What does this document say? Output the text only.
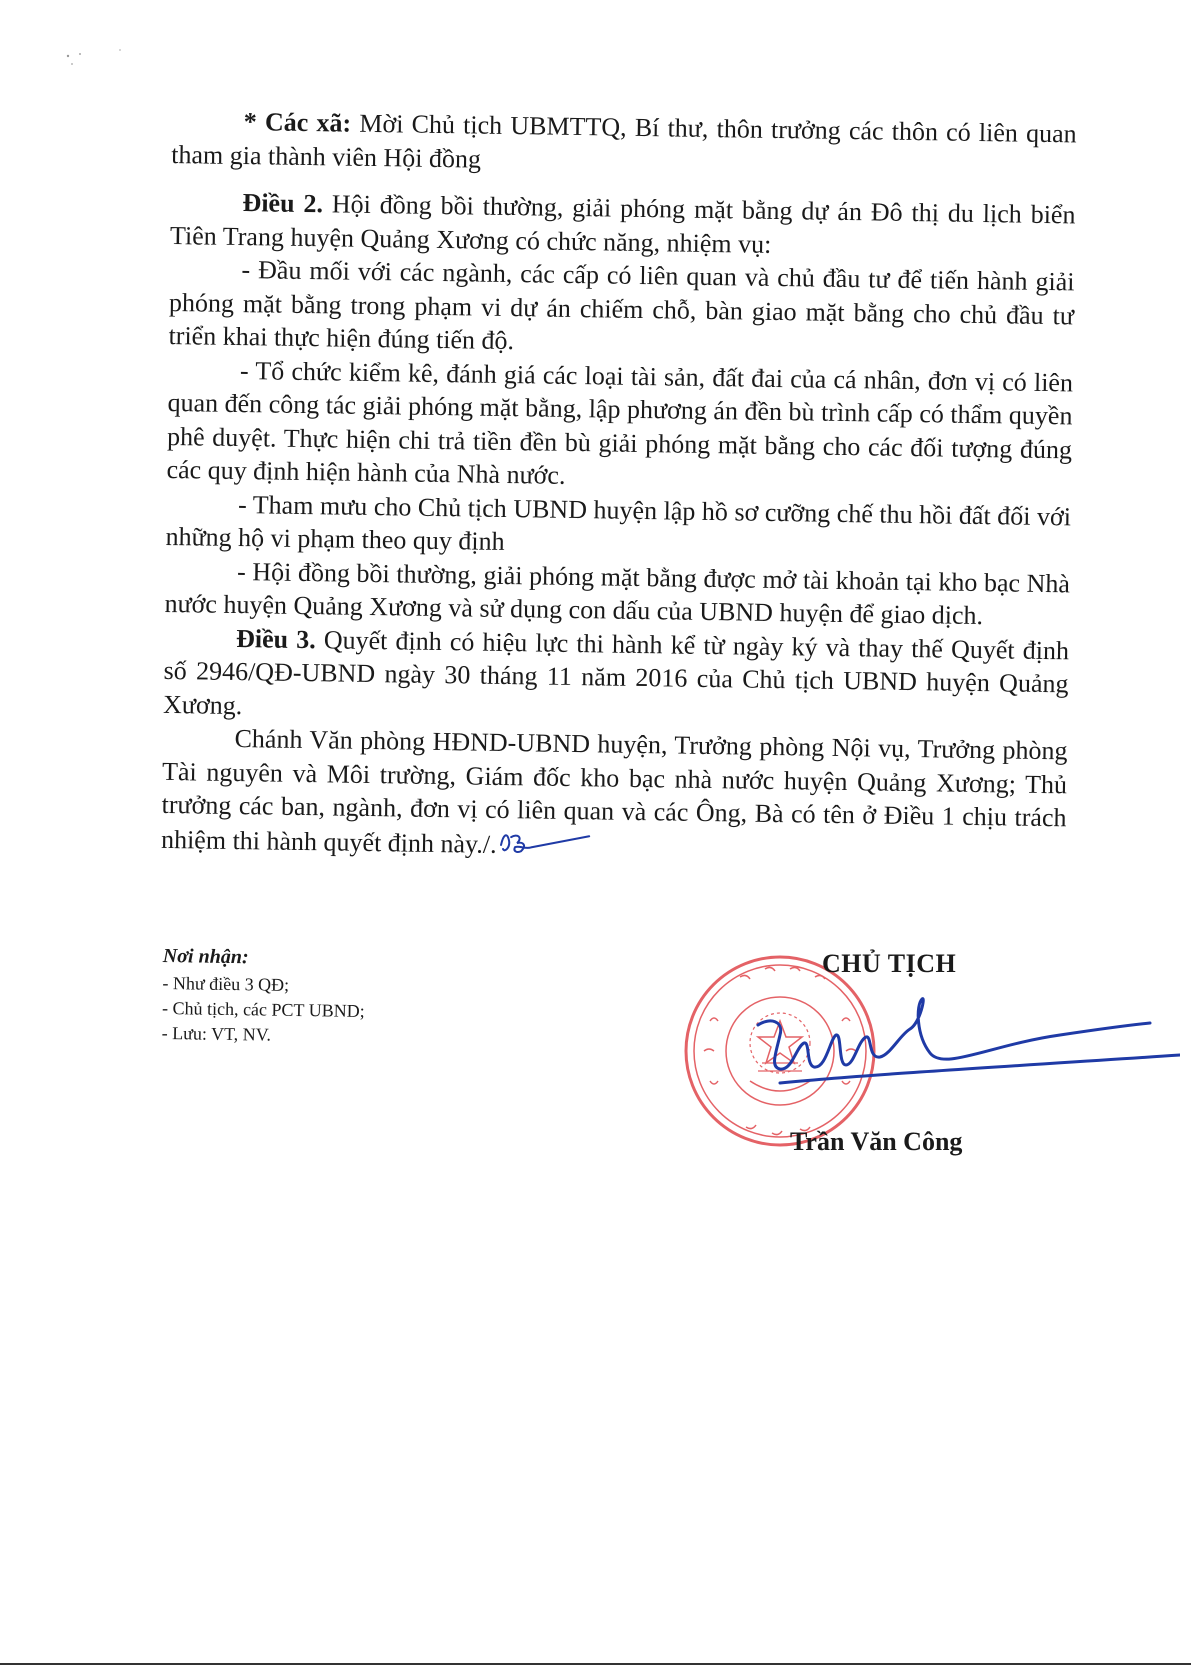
* Các xã: Mời Chủ tịch UBMTTQ, Bí thư, thôn trưởng các thôn có liên quan tham gia thành viên Hội đồng

Điều 2. Hội đồng bồi thường, giải phóng mặt bằng dự án Đô thị du lịch biển Tiên Trang huyện Quảng Xương có chức năng, nhiệm vụ:

- Đầu mối với các ngành, các cấp có liên quan và chủ đầu tư để tiến hành giải phóng mặt bằng trong phạm vi dự án chiếm chỗ, bàn giao mặt bằng cho chủ đầu tư triển khai thực hiện đúng tiến độ.

- Tổ chức kiểm kê, đánh giá các loại tài sản, đất đai của cá nhân, đơn vị có liên quan đến công tác giải phóng mặt bằng, lập phương án đền bù trình cấp có thẩm quyền phê duyệt. Thực hiện chi trả tiền đền bù giải phóng mặt bằng cho các đối tượng đúng các quy định hiện hành của Nhà nước.

- Tham mưu cho Chủ tịch UBND huyện lập hồ sơ cưỡng chế thu hồi đất đối với những hộ vi phạm theo quy định

- Hội đồng bồi thường, giải phóng mặt bằng được mở tài khoản tại kho bạc Nhà nước huyện Quảng Xương và sử dụng con dấu của UBND huyện để giao dịch.

Điều 3. Quyết định có hiệu lực thi hành kể từ ngày ký và thay thế Quyết định số 2946/QĐ-UBND ngày 30 tháng 11 năm 2016 của Chủ tịch UBND huyện Quảng Xương.

Chánh Văn phòng HĐND-UBND huyện, Trưởng phòng Nội vụ, Trưởng phòng Tài nguyên và Môi trường, Giám đốc kho bạc nhà nước huyện Quảng Xương; Thủ trưởng các ban, ngành, đơn vị có liên quan và các Ông, Bà có tên ở Điều 1 chịu trách nhiệm thi hành quyết định này./.

Nơi nhận:
- Như điều 3 QĐ;
- Chủ tịch, các PCT UBND;
- Lưu: VT, NV.
CHỦ TỊCH
Trần Văn Công
